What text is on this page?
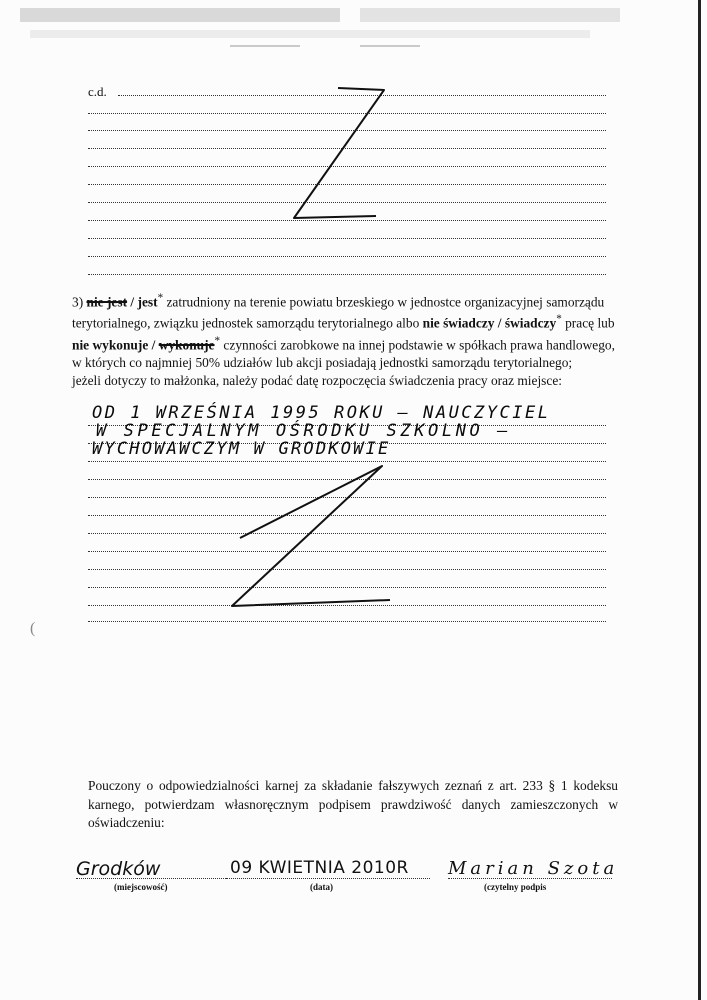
c.d.

3) nie jest / jest* zatrudniony na terenie powiatu brzeskiego w jednostce organizacyjnej samorządu terytorialnego, związku jednostek samorządu terytorialnego albo nie świadczy / świadczy* pracę lub nie wykonuje / wykonuje* czynności zarobkowe na innej podstawie w spółkach prawa handlowego, w których co najmniej 50% udziałów lub akcji posiadają jednostki samorządu terytorialnego;

jeżeli dotyczy to małżonka, należy podać datę rozpoczęcia świadczenia pracy oraz miejsce:

OD 1 WRZEŚNIA 1995 ROKU – NAUCZYCIEL
W SPECJALNYM OŚRODKU SZKOLNO –
WYCHOWAWCZYM W GRODKOWIE
(
Pouczony o odpowiedzialności karnej za składanie fałszywych zeznań z art. 233 § 1 kodeksu karnego, potwierdzam własnoręcznym podpisem prawdziwość danych zamieszczonych w oświadczeniu:
Grodków
(miejscowość)
09 KWIETNIA 2010R
(data)
Marian Szota
(czytelny podpis
